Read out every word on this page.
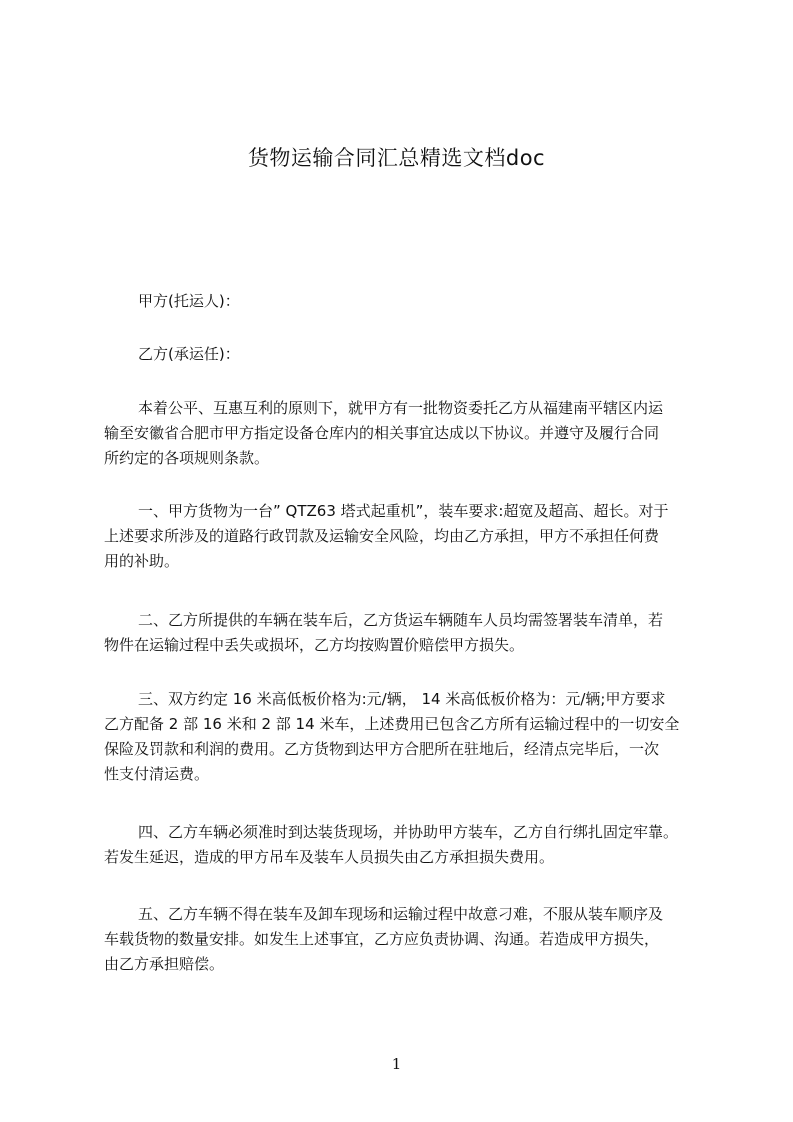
货物运输合同汇总精选文档doc
甲方(托运人)：
乙方(承运任)：
本着公平、互惠互利的原则下，就甲方有一批物资委托乙方从福建南平辖区内运
输至安徽省合肥市甲方指定设备仓库内的相关事宜达成以下协议。并遵守及履行合同
所约定的各项规则条款。
一、甲方货物为一台” QTZ63 塔式起重机”，装车要求:超宽及超高、超长。对于
上述要求所涉及的道路行政罚款及运输安全风险，均由乙方承担，甲方不承担任何费
用的补助。
二、乙方所提供的车辆在装车后，乙方货运车辆随车人员均需签署装车清单，若
物件在运输过程中丢失或损坏，乙方均按购置价赔偿甲方损失。
三、双方约定 16 米高低板价格为:元/辆， 14 米高低板价格为：元/辆;甲方要求
乙方配备 2 部 16 米和 2 部 14 米车，上述费用已包含乙方所有运输过程中的一切安全
保险及罚款和利润的费用。乙方货物到达甲方合肥所在驻地后，经清点完毕后，一次
性支付清运费。
四、乙方车辆必须准时到达装货现场，并协助甲方装车，乙方自行绑扎固定牢靠。
若发生延迟，造成的甲方吊车及装车人员损失由乙方承担损失费用。
五、乙方车辆不得在装车及卸车现场和运输过程中故意刁难，不服从装车顺序及
车载货物的数量安排。如发生上述事宜，乙方应负责协调、沟通。若造成甲方损失，
由乙方承担赔偿。
1
